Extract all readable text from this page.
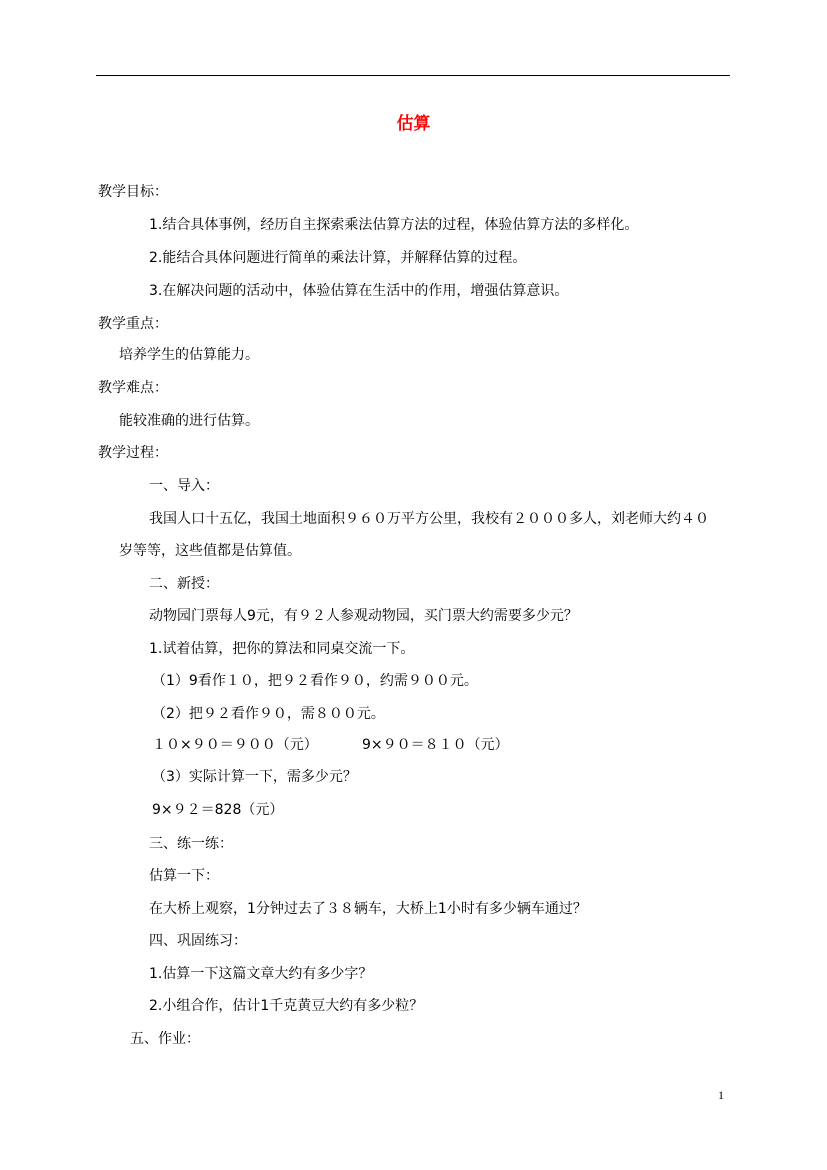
估算
教学目标：
1.结合具体事例，经历自主探索乘法估算方法的过程，体验估算方法的多样化。
2.能结合具体问题进行简单的乘法计算，并解释估算的过程。
3.在解决问题的活动中，体验估算在生活中的作用，增强估算意识。
教学重点：
培养学生的估算能力。
教学难点：
能较准确的进行估算。
教学过程：
一、导入：
我国人口十五亿，我国土地面积９６０万平方公里，我校有２０００多人，刘老师大约４０
岁等等，这些值都是估算值。
二、新授：
动物园门票每人9元，有９２人参观动物园，买门票大约需要多少元？
1.试着估算，把你的算法和同桌交流一下。
（1）9看作１０，把９２看作９０，约需９００元。
（2）把９２看作９０，需８００元。
１０×９０＝９００（元）	9×９０＝８１０（元）
（3）实际计算一下，需多少元？
9×９２＝828（元）
三、练一练：
估算一下：
在大桥上观察，1分钟过去了３８辆车，大桥上1小时有多少辆车通过？
四、巩固练习：
1.估算一下这篇文章大约有多少字？
2.小组合作，估计1千克黄豆大约有多少粒？
五、作业：
1
